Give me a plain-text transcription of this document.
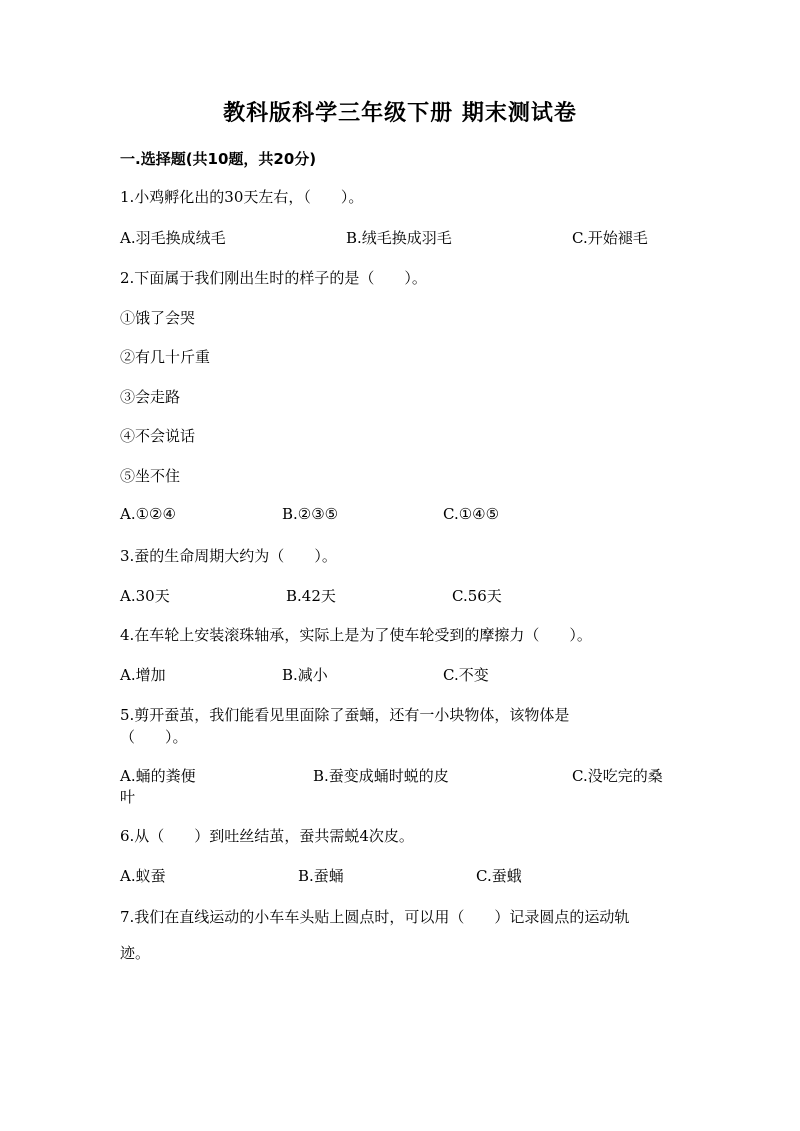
教科版科学三年级下册 期末测试卷
一.选择题(共10题，共20分)
1.小鸡孵化出的30天左右，（　　）。
A.羽毛换成绒毛	B.绒毛换成羽毛	C.开始褪毛
2.下面属于我们刚出生时的样子的是（　　）。
①饿了会哭
②有几十斤重
③会走路
④不会说话
⑤坐不住
A.①②④	B.②③⑤	C.①④⑤
3.蚕的生命周期大约为（　　）。
A.30天	B.42天	C.56天
4.在车轮上安装滚珠轴承，实际上是为了使车轮受到的摩擦力（　　）。
A.增加	B.减小	C.不变
5.剪开蚕茧，我们能看见里面除了蚕蛹，还有一小块物体，该物体是
（　　）。
A.蛹的粪便	B.蚕变成蛹时蜕的皮	C.没吃完的桑
叶
6.从（　　）到吐丝结茧，蚕共需蜕4次皮。
A.蚁蚕	B.蚕蛹	C.蚕蛾
7.我们在直线运动的小车车头贴上圆点时，可以用（　　）记录圆点的运动轨
迹。
